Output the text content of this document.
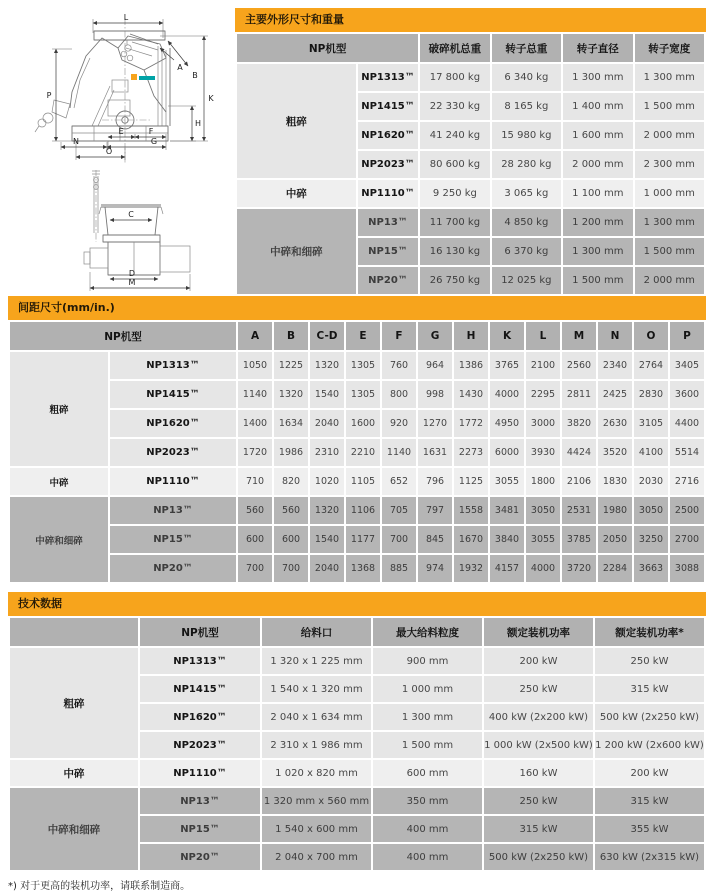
L
P	K
A
B
H
E	F
N	G
O
C
D
M
主要外形尺寸和重量
NP机型		破碎机总重	转子总重	转子直径	转子宽度
粗碎	NP1313™	17 800 kg	6 340 kg	1 300 mm	1 300 mm
	NP1415™	22 330 kg	8 165 kg	1 400 mm	1 500 mm
	NP1620™	41 240 kg	15 980 kg	1 600 mm	2 000 mm
	NP2023™	80 600 kg	28 280 kg	2 000 mm	2 300 mm
中碎	NP1110™	9 250 kg	3 065 kg	1 100 mm	1 000 mm
中碎和细碎	NP13™	11 700 kg	4 850 kg	1 200 mm	1 300 mm
	NP15™	16 130 kg	6 370 kg	1 300 mm	1 500 mm
	NP20™	26 750 kg	12 025 kg	1 500 mm	2 000 mm
间距尺寸(mm/in.)
NP机型		A	B	C-D	E	F	G	H	K	L	M	N	O	P
粗碎	NP1313™	1050	1225	1320	1305	760	964	1386	3765	2100	2560	2340	2764	3405
	NP1415™	1140	1320	1540	1305	800	998	1430	4000	2295	2811	2425	2830	3600
	NP1620™	1400	1634	2040	1600	920	1270	1772	4950	3000	3820	2630	3105	4400
	NP2023™	1720	1986	2310	2210	1140	1631	2273	6000	3930	4424	3520	4100	5514
中碎	NP1110™	710	820	1020	1105	652	796	1125	3055	1800	2106	1830	2030	2716
中碎和细碎	NP13™	560	560	1320	1106	705	797	1558	3481	3050	2531	1980	3050	2500
	NP15™	600	600	1540	1177	700	845	1670	3840	3055	3785	2050	3250	2700
	NP20™	700	700	2040	1368	885	974	1932	4157	4000	3720	2284	3663	3088
技术数据
	NP机型	给料口	最大给料粒度	额定装机功率	额定装机功率*
粗碎	NP1313™	1 320 x 1 225 mm	900 mm	200 kW	250 kW
	NP1415™	1 540 x 1 320 mm	1 000 mm	250 kW	315 kW
	NP1620™	2 040 x 1 634 mm	1 300 mm	400 kW (2x200 kW)	500 kW (2x250 kW)
	NP2023™	2 310 x 1 986 mm	1 500 mm	1 000 kW (2x500 kW)	1 200 kW (2x600 kW)
中碎	NP1110™	1 020 x 820 mm	600 mm	160 kW	200 kW
中碎和细碎	NP13™	1 320 mm x 560 mm	350 mm	250 kW	315 kW
	NP15™	1 540 x 600 mm	400 mm	315 kW	355 kW
	NP20™	2 040 x 700 mm	400 mm	500 kW (2x250 kW)	630 kW (2x315 kW)
*) 对于更高的装机功率，请联系制造商。
